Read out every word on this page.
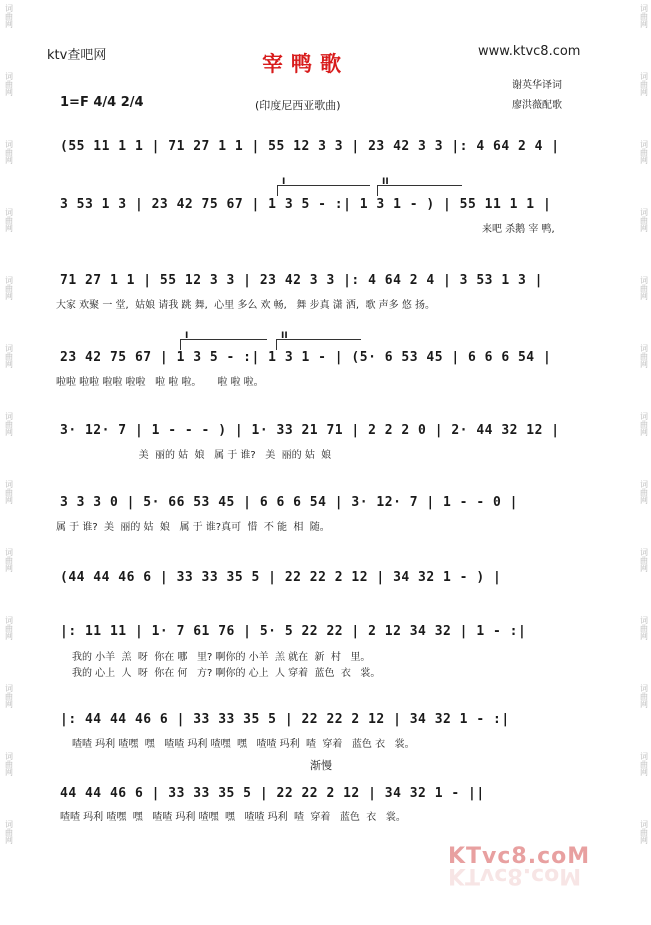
词曲网
词曲网
词曲网
词曲网
词曲网
词曲网
词曲网
词曲网
词曲网
词曲网
词曲网
词曲网
词曲网
词曲网
词曲网
词曲网
词曲网
词曲网
词曲网
词曲网
词曲网
词曲网
词曲网
词曲网
词曲网
词曲网
ktv查吧网	宰鸭歌	www.ktvc8.com
谢英华译词
廖洪薇配歌
1=F 4/4 2/4	(印度尼西亚歌曲)
I	II
I	II
(55 11 1 1 | 71 27 1 1 | 55 12 3 3 | 23 42 3 3 |: 4 64 2 4 |
3 53 1 3 | 23 42 75 67 | 1 3 5 - :| 1 3 1 - ) | 55 11 1 1 |
来吧 杀鹅 宰 鸭,
71 27 1 1 | 55 12 3 3 | 23 42 3 3 |: 4 64 2 4 | 3 53 1 3 |
大家 欢聚 一 堂,  姑娘 请我 跳 舞,  心里 多么 欢 畅,   舞 步真 潇 洒,  歌 声多 悠 扬。
23 42 75 67 | 1 3 5 - :| 1 3 1 - | (5· 6 53 45 | 6 6 6 54 |
啦啦 啦啦 啦啦 啦啦   啦 啦 啦。     啦 啦 啦。
3· 12· 7 | 1 - - - ) | 1· 33 21 71 | 2 2 2 0 | 2· 44 32 12 |
美  丽的 姑  娘   属 于 谁?   美  丽的 姑  娘
3 3 3 0 | 5· 66 53 45 | 6 6 6 54 | 3· 12· 7 | 1 - - 0 |
属 于 谁?  美  丽的 姑  娘   属 于 谁?真可  惜  不 能  相  随。
(44 44 46 6 | 33 33 35 5 | 22 22 2 12 | 34 32 1 - ) |
|: 11 11 | 1· 7 61 76 | 5· 5 22 22 | 2 12 34 32 | 1 - :|
我的 小羊  羔  呀  你在 哪   里? 啊你的 小羊  羔 就在  新  村   里。
我的 心上  人  呀  你在 何   方? 啊你的 心上  人 穿着  蓝色  衣   裳。
|: 44 44 46 6 | 33 33 35 5 | 22 22 2 12 | 34 32 1 - :|
喳喳 玛利 喳嘿  嘿   喳喳 玛利 喳嘿  嘿   喳喳 玛利  喳  穿着   蓝色 衣   裳。
渐慢
44 44 46 6 | 33 33 35 5 | 22 22 2 12 | 34 32 1 - ||
喳喳 玛利 喳嘿  嘿   喳喳 玛利 喳嘿  嘿   喳喳 玛利  喳  穿着   蓝色  衣   裳。
KTvc8.coM
KTvc8.coM
